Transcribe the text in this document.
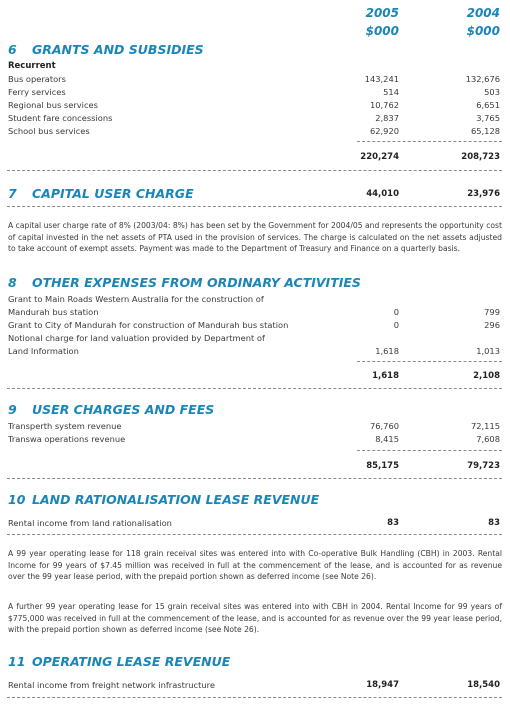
2005
$000
2004
$000
6 GRANTS AND SUBSIDIES
Recurrent
Bus operators	143,241	132,676
Ferry services	514	503
Regional bus services	10,762	6,651
Student fare concessions	2,837	3,765
School bus services	62,920	65,128
220,274	208,723
7 CAPITAL USER CHARGE	44,010	23,976
A capital user charge rate of 8% (2003/04: 8%) has been set by the Government for 2004/05 and represents the opportunity cost of capital invested in the net assets of PTA used in the provision of services. The charge is calculated on the net assets adjusted to take account of exempt assets. Payment was made to the Department of Treasury and Finance on a quarterly basis.
8 OTHER EXPENSES FROM ORDINARY ACTIVITIES
Grant to Main Roads Western Australia for the construction of
Mandurah bus station	0	799
Grant to City of Mandurah for construction of Mandurah bus station	0	296
Notional charge for land valuation provided by Department of
Land Information	1,618	1,013
1,618	2,108
9 USER CHARGES AND FEES
Transperth system revenue	76,760	72,115
Transwa operations revenue	8,415	7,608
85,175	79,723
10 LAND RATIONALISATION LEASE REVENUE
Rental income from land rationalisation	83	83
A 99 year operating lease for 118 grain receival sites was entered into with Co-operative Bulk Handling (CBH) in 2003. Rental Income for 99 years of $7.45 million was received in full at the commencement of the lease, and is accounted for as revenue over the 99 year lease period, with the prepaid portion shown as deferred income (see Note 26).
A further 99 year operating lease for 15 grain receival sites was entered into with CBH in 2004. Rental Income for 99 years of $775,000 was received in full at the commencement of the lease, and is accounted for as revenue over the 99 year lease period, with the prepaid portion shown as deferred income (see Note 26).
11 OPERATING LEASE REVENUE
Rental income from freight network infrastructure	18,947	18,540
